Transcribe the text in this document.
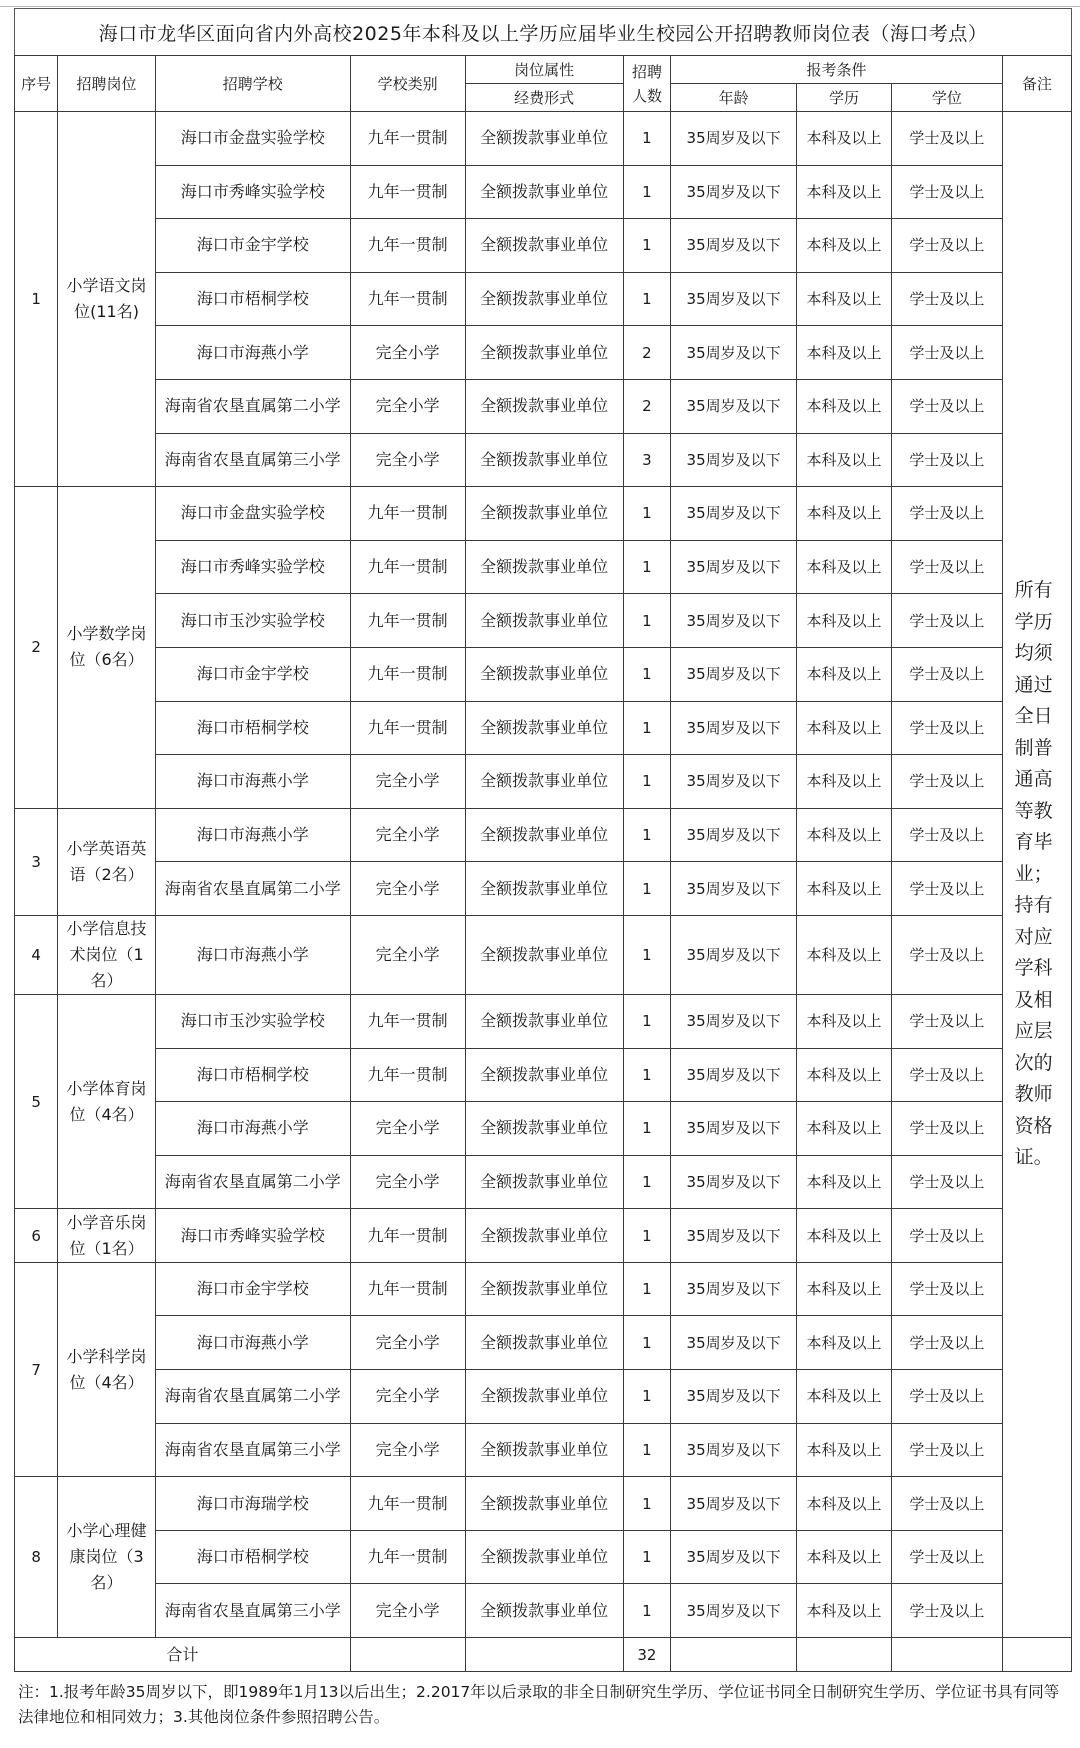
海口市龙华区面向省内外高校2025年本科及以上学历应届毕业生校园公开招聘教师岗位表（海口考点）
序号	招聘岗位	招聘学校	学校类别	岗位属性	招聘人数	报考条件			备注
				经费形式		年龄	学历	学位	
1	小学语文岗位(11名)	海口市金盘实验学校	九年一贯制	全额拨款事业单位	1	35周岁及以下	本科及以上	学士及以上	所有学历均须通过全日制普通高等教育毕业；持有对应学科及相应层次的教师资格证。
		海口市秀峰实验学校	九年一贯制	全额拨款事业单位	1	35周岁及以下	本科及以上	学士及以上	
		海口市金宇学校	九年一贯制	全额拨款事业单位	1	35周岁及以下	本科及以上	学士及以上	
		海口市梧桐学校	九年一贯制	全额拨款事业单位	1	35周岁及以下	本科及以上	学士及以上	
		海口市海燕小学	完全小学	全额拨款事业单位	2	35周岁及以下	本科及以上	学士及以上	
		海南省农垦直属第二小学	完全小学	全额拨款事业单位	2	35周岁及以下	本科及以上	学士及以上	
		海南省农垦直属第三小学	完全小学	全额拨款事业单位	3	35周岁及以下	本科及以上	学士及以上	
2	小学数学岗位（6名）	海口市金盘实验学校	九年一贯制	全额拨款事业单位	1	35周岁及以下	本科及以上	学士及以上	
		海口市秀峰实验学校	九年一贯制	全额拨款事业单位	1	35周岁及以下	本科及以上	学士及以上	
		海口市玉沙实验学校	九年一贯制	全额拨款事业单位	1	35周岁及以下	本科及以上	学士及以上	
		海口市金宇学校	九年一贯制	全额拨款事业单位	1	35周岁及以下	本科及以上	学士及以上	
		海口市梧桐学校	九年一贯制	全额拨款事业单位	1	35周岁及以下	本科及以上	学士及以上	
		海口市海燕小学	完全小学	全额拨款事业单位	1	35周岁及以下	本科及以上	学士及以上	
3	小学英语英语（2名）	海口市海燕小学	完全小学	全额拨款事业单位	1	35周岁及以下	本科及以上	学士及以上	
		海南省农垦直属第二小学	完全小学	全额拨款事业单位	1	35周岁及以下	本科及以上	学士及以上	
4	小学信息技术岗位（1名）	海口市海燕小学	完全小学	全额拨款事业单位	1	35周岁及以下	本科及以上	学士及以上	
5	小学体育岗位（4名）	海口市玉沙实验学校	九年一贯制	全额拨款事业单位	1	35周岁及以下	本科及以上	学士及以上	
		海口市梧桐学校	九年一贯制	全额拨款事业单位	1	35周岁及以下	本科及以上	学士及以上	
		海口市海燕小学	完全小学	全额拨款事业单位	1	35周岁及以下	本科及以上	学士及以上	
		海南省农垦直属第二小学	完全小学	全额拨款事业单位	1	35周岁及以下	本科及以上	学士及以上	
6	小学音乐岗位（1名）	海口市秀峰实验学校	九年一贯制	全额拨款事业单位	1	35周岁及以下	本科及以上	学士及以上	
7	小学科学岗位（4名）	海口市金宇学校	九年一贯制	全额拨款事业单位	1	35周岁及以下	本科及以上	学士及以上	
		海口市海燕小学	完全小学	全额拨款事业单位	1	35周岁及以下	本科及以上	学士及以上	
		海南省农垦直属第二小学	完全小学	全额拨款事业单位	1	35周岁及以下	本科及以上	学士及以上	
		海南省农垦直属第三小学	完全小学	全额拨款事业单位	1	35周岁及以下	本科及以上	学士及以上	
8	小学心理健康岗位（3名）	海口市海瑞学校	九年一贯制	全额拨款事业单位	1	35周岁及以下	本科及以上	学士及以上	
		海口市梧桐学校	九年一贯制	全额拨款事业单位	1	35周岁及以下	本科及以上	学士及以上	
		海南省农垦直属第三小学	完全小学	全额拨款事业单位	1	35周岁及以下	本科及以上	学士及以上	
合计					32				
注：1.报考年龄35周岁以下，即1989年1月13以后出生；2.2017年以后录取的非全日制研究生学历、学位证书同全日制研究生学历、学位证书具有同等法律地位和相同效力；3.其他岗位条件参照招聘公告。
